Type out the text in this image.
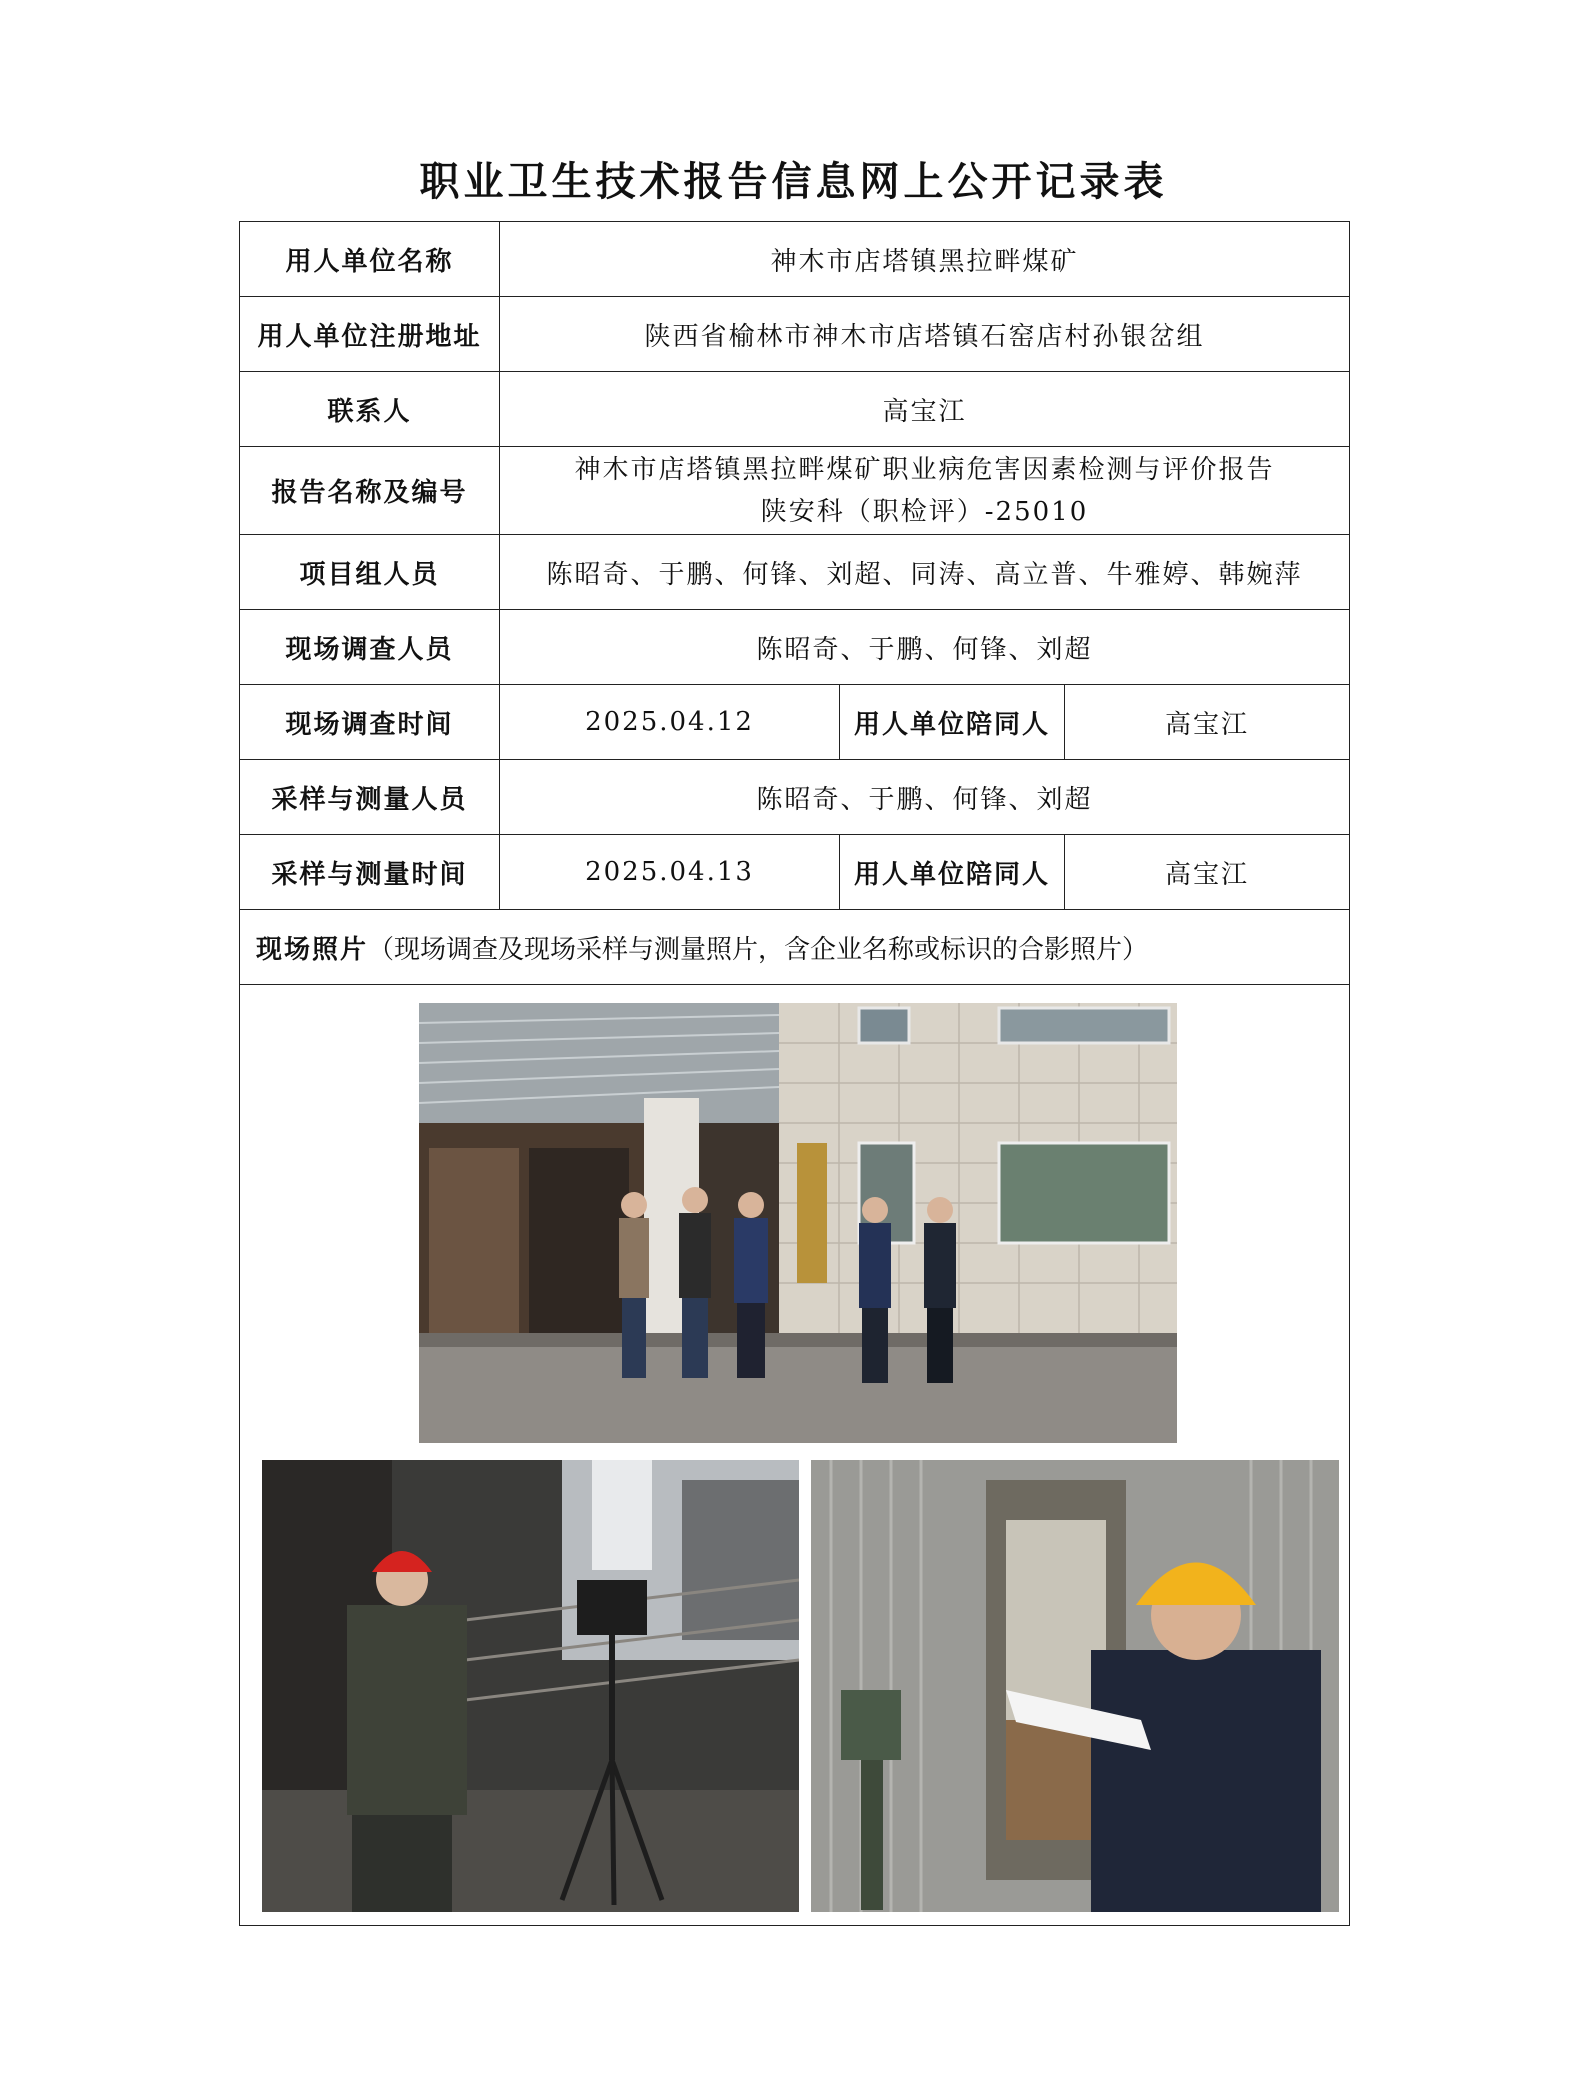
职业卫生技术报告信息网上公开记录表
用人单位名称	神木市店塔镇黑拉畔煤矿		
用人单位注册地址	陕西省榆林市神木市店塔镇石窑店村孙银岔组		
联系人	高宝江		
报告名称及编号	神木市店塔镇黑拉畔煤矿职业病危害因素检测与评价报告
陕安科（职检评）-25010		

项目组人员	陈昭奇、于鹏、何锋、刘超、同涛、高立普、牛雅婷、韩婉萍		
现场调查人员	陈昭奇、于鹏、何锋、刘超		
现场调查时间	2025.04.12	用人单位陪同人	高宝江
采样与测量人员	陈昭奇、于鹏、何锋、刘超		
采样与测量时间	2025.04.13	用人单位陪同人	高宝江
现场照片（现场调查及现场采样与测量照片，含企业名称或标识的合影照片）			
